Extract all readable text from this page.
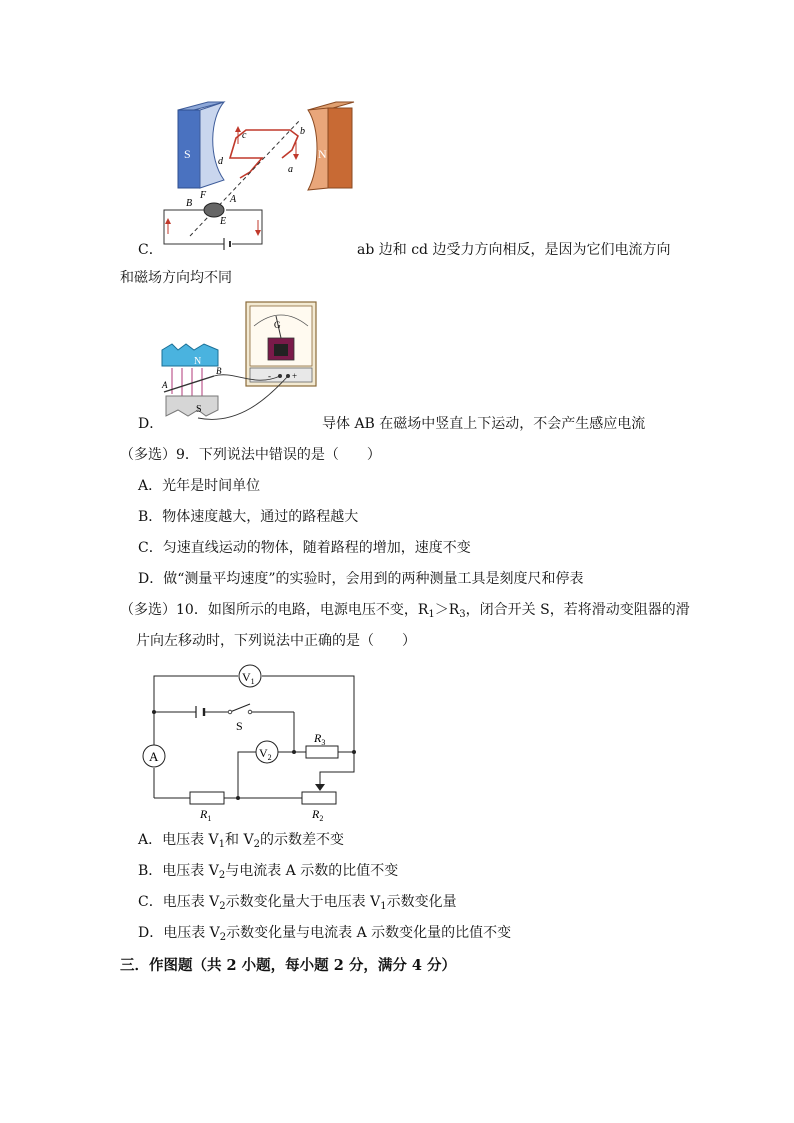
S	N
c
d
b
a
F
E
B	A
C．	ab 边和 cd 边受力方向相反，是因为它们电流方向
和磁场方向均不同
G
- +
N
A
B
S
D．	导体 AB 在磁场中竖直上下运动，不会产生感应电流
（多选）9．下列说法中错误的是（　　）
A．光年是时间单位
B．物体速度越大，通过的路程越大
C．匀速直线运动的物体，随着路程的增加，速度不变
D．做“测量平均速度”的实验时，会用到的两种测量工具是刻度尺和停表
（多选）10．如图所示的电路，电源电压不变，$R_1>R_3$，闭合开关 S，若将滑动变阻器的滑
片向左移动时，下列说法中正确的是（　　）
$V_1$
$V_2$
A
S
$R_3$
$R_1$	$R_2$
A．电压表 $V_1$和 $V_2$的示数差不变
B．电压表 $V_2$与电流表 A 示数的比值不变
C．电压表 $V_2$示数变化量大于电压表 $V_1$示数变化量
D．电压表 $V_2$示数变化量与电流表 A 示数变化量的比值不变
三．作图题（共 2 小题，每小题 2 分，满分 4 分）
